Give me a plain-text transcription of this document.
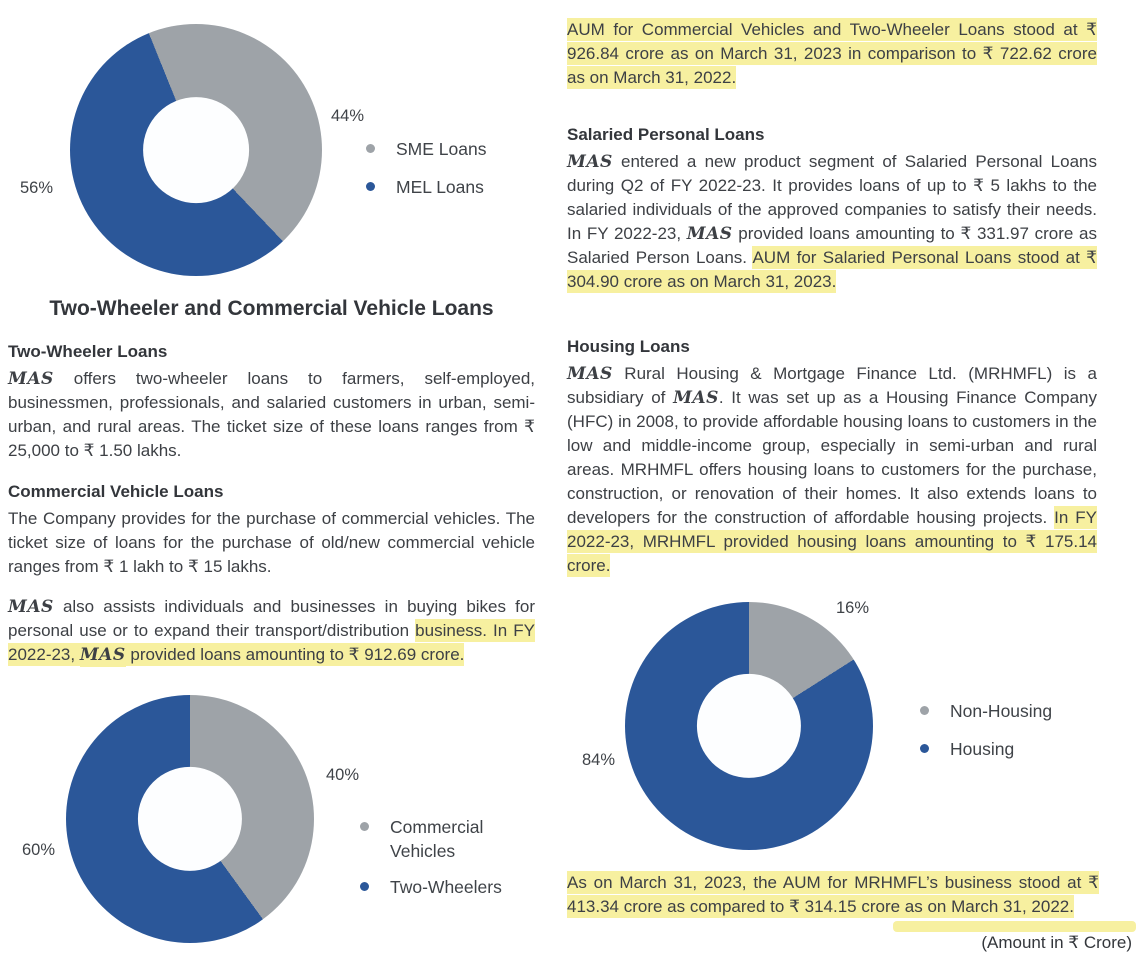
56%
44%
SME Loans
MEL Loans
Two-Wheeler and Commercial Vehicle Loans
Two-Wheeler Loans
MAS offers two-wheeler loans to farmers, self-employed, businessmen, professionals, and salaried customers in urban, semi-urban, and rural areas. The ticket size of these loans ranges from ₹ 25,000 to ₹ 1.50 lakhs.
Commercial Vehicle Loans
The Company provides for the purchase of commercial vehicles. The ticket size of loans for the purchase of old/new commercial vehicle ranges from ₹ 1 lakh to ₹ 15 lakhs.
MAS also assists individuals and businesses in buying bikes for personal use or to expand their transport/distribution business. In FY 2022-23, MAS provided loans amounting to ₹ 912.69 crore.
40%
60%
Commercial Vehicles
Two-Wheelers
AUM for Commercial Vehicles and Two-Wheeler Loans stood at ₹ 926.84 crore as on March 31, 2023 in comparison to ₹ 722.62 crore as on March 31, 2022.
Salaried Personal Loans
MAS entered a new product segment of Salaried Personal Loans during Q2 of FY 2022-23. It provides loans of up to ₹ 5 lakhs to the salaried individuals of the approved companies to satisfy their needs. In FY 2022-23, MAS provided loans amounting to ₹ 331.97 crore as Salaried Person Loans. AUM for Salaried Personal Loans stood at ₹ 304.90 crore as on March 31, 2023.
Housing Loans
MAS Rural Housing & Mortgage Finance Ltd. (MRHMFL) is a subsidiary of MAS. It was set up as a Housing Finance Company (HFC) in 2008, to provide affordable housing loans to customers in the low and middle-income group, especially in semi-urban and rural areas. MRHMFL offers housing loans to customers for the purchase, construction, or renovation of their homes. It also extends loans to developers for the construction of affordable housing projects. In FY 2022-23, MRHMFL provided housing loans amounting to ₹ 175.14 crore.
16%
84%
Non-Housing
Housing
As on March 31, 2023, the AUM for MRHMFL’s business stood at ₹ 413.34 crore as compared to ₹ 314.15 crore as on March 31, 2022.
(Amount in ₹ Crore)
